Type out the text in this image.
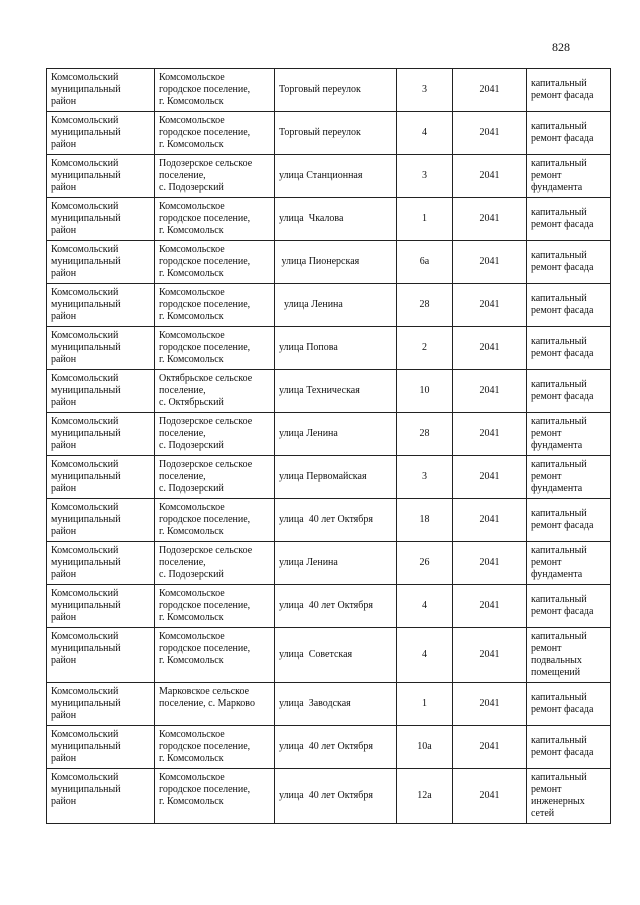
828
Комсомольский
муниципальный
район	Комсомольское
городское поселение,
г. Комсомольск	Торговый переулок	3	2041	капитальный
ремонт фасада
Комсомольский
муниципальный
район	Комсомольское
городское поселение,
г. Комсомольск	Торговый переулок	4	2041	капитальный
ремонт фасада
Комсомольский
муниципальный
район	Подозерское сельское
поселение,
с. Подозерский	улица Станционная	3	2041	капитальный
ремонт
фундамента
Комсомольский
муниципальный
район	Комсомольское
городское поселение,
г. Комсомольск	улица  Чкалова	1	2041	капитальный
ремонт фасада
Комсомольский
муниципальный
район	Комсомольское
городское поселение,
г. Комсомольск	улица Пионерская	6а	2041	капитальный
ремонт фасада
Комсомольский
муниципальный
район	Комсомольское
городское поселение,
г. Комсомольск	улица Ленина	28	2041	капитальный
ремонт фасада
Комсомольский
муниципальный
район	Комсомольское
городское поселение,
г. Комсомольск	улица Попова	2	2041	капитальный
ремонт фасада
Комсомольский
муниципальный
район	Октябрьское сельское
поселение,
с. Октябрьский	улица Техническая	10	2041	капитальный
ремонт фасада
Комсомольский
муниципальный
район	Подозерское сельское
поселение,
с. Подозерский	улица Ленина	28	2041	капитальный
ремонт
фундамента
Комсомольский
муниципальный
район	Подозерское сельское
поселение,
с. Подозерский	улица Первомайская	3	2041	капитальный
ремонт
фундамента
Комсомольский
муниципальный
район	Комсомольское
городское поселение,
г. Комсомольск	улица  40 лет Октября	18	2041	капитальный
ремонт фасада
Комсомольский
муниципальный
район	Подозерское сельское
поселение,
с. Подозерский	улица Ленина	26	2041	капитальный
ремонт
фундамента
Комсомольский
муниципальный
район	Комсомольское
городское поселение,
г. Комсомольск	улица  40 лет Октября	4	2041	капитальный
ремонт фасада
Комсомольский
муниципальный
район	Комсомольское
городское поселение,
г. Комсомольск	улица  Советская	4	2041	капитальный
ремонт
подвальных
помещений
Комсомольский
муниципальный
район	Марковское сельское
поселение, с. Марково	улица  Заводская	1	2041	капитальный
ремонт фасада
Комсомольский
муниципальный
район	Комсомольское
городское поселение,
г. Комсомольск	улица  40 лет Октября	10а	2041	капитальный
ремонт фасада
Комсомольский
муниципальный
район	Комсомольское
городское поселение,
г. Комсомольск	улица  40 лет Октября	12а	2041	капитальный
ремонт
инженерных
сетей
